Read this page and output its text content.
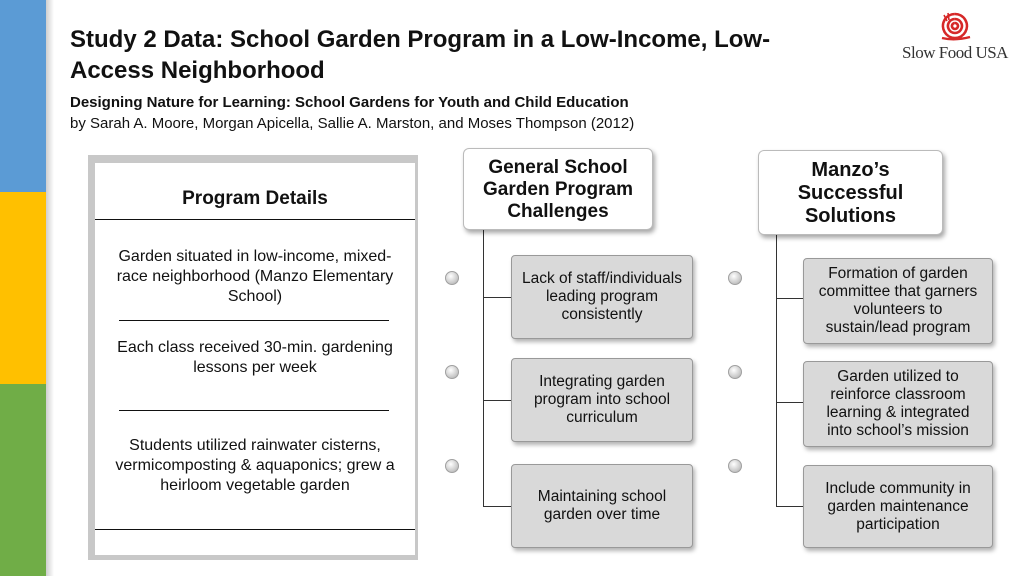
Study 2 Data: School Garden Program in a Low-Income, Low-Access Neighborhood
Designing Nature for Learning: School Gardens for Youth and Child Education
by Sarah A. Moore, Morgan Apicella, Sallie A. Marston, and Moses Thompson (2012)
Slow Food USA
Program Details
Garden situated in low-income, mixed-race neighborhood (Manzo Elementary School)
Each class received 30-min. gardening lessons per week
Students utilized rainwater cisterns, vermicomposting & aquaponics; grew a heirloom vegetable garden
General School Garden Program Challenges
Lack of staff/individuals leading program consistently
Integrating garden program into school curriculum
Maintaining school garden over time
Manzo’s Successful Solutions
Formation of garden committee that garners volunteers to sustain/lead program
Garden utilized to reinforce classroom learning & integrated into school’s mission
Include community in garden maintenance participation
